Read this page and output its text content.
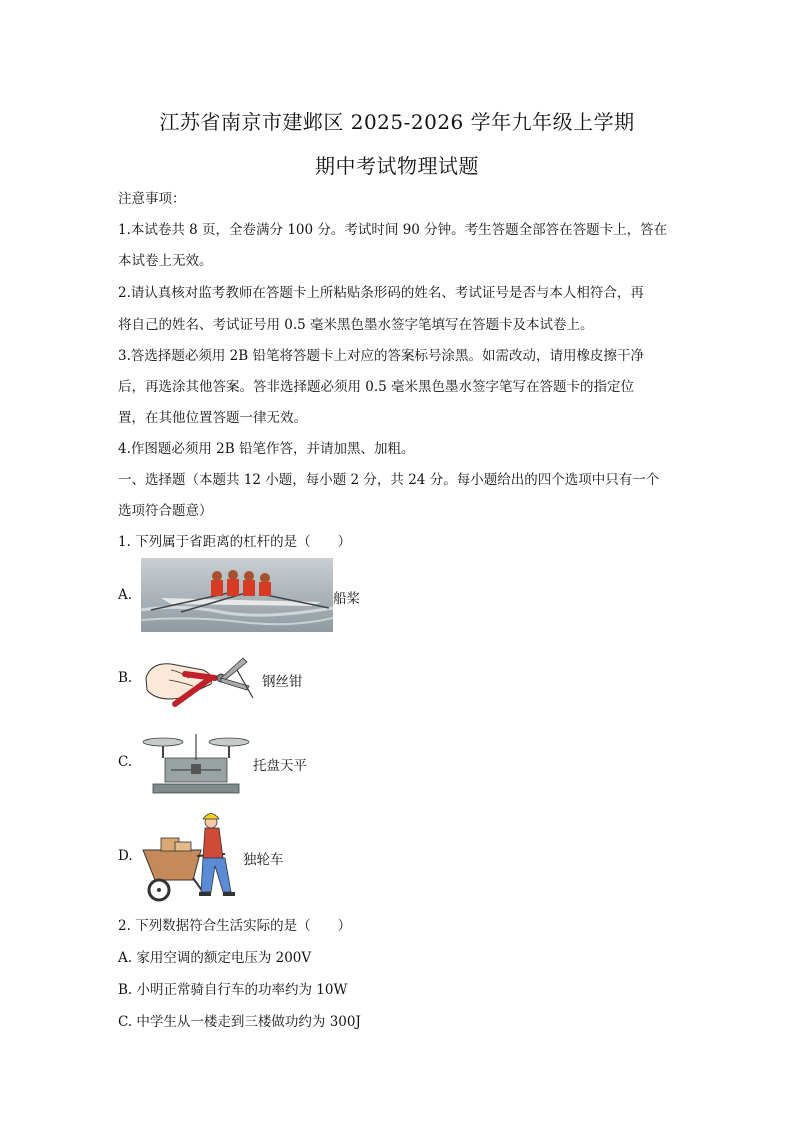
江苏省南京市建邺区 2025-2026 学年九年级上学期
期中考试物理试题
注意事项：
1.本试卷共 8 页，全卷满分 100 分。考试时间 90 分钟。考生答题全部答在答题卡上，答在
本试卷上无效。
2.请认真核对监考教师在答题卡上所粘贴条形码的姓名、考试证号是否与本人相符合，再
将自己的姓名、考试证号用 0.5 毫米黑色墨水签字笔填写在答题卡及本试卷上。
3.答选择题必须用 2B 铅笔将答题卡上对应的答案标号涂黑。如需改动，请用橡皮擦干净
后，再选涂其他答案。答非选择题必须用 0.5 毫米黑色墨水签字笔写在答题卡的指定位
置，在其他位置答题一律无效。
4.作图题必须用 2B 铅笔作答，并请加黑、加粗。
一、选择题（本题共 12 小题，每小题 2 分，共 24 分。每小题给出的四个选项中只有一个
选项符合题意）
1. 下列属于省距离的杠杆的是（　　）
A.	船桨
B.	钢丝钳
C.	托盘天平
D.	独轮车
2. 下列数据符合生活实际的是（　　）
A. 家用空调的额定电压为 200V
B. 小明正常骑自行车的功率约为 10W
C. 中学生从一楼走到三楼做功约为 300J
